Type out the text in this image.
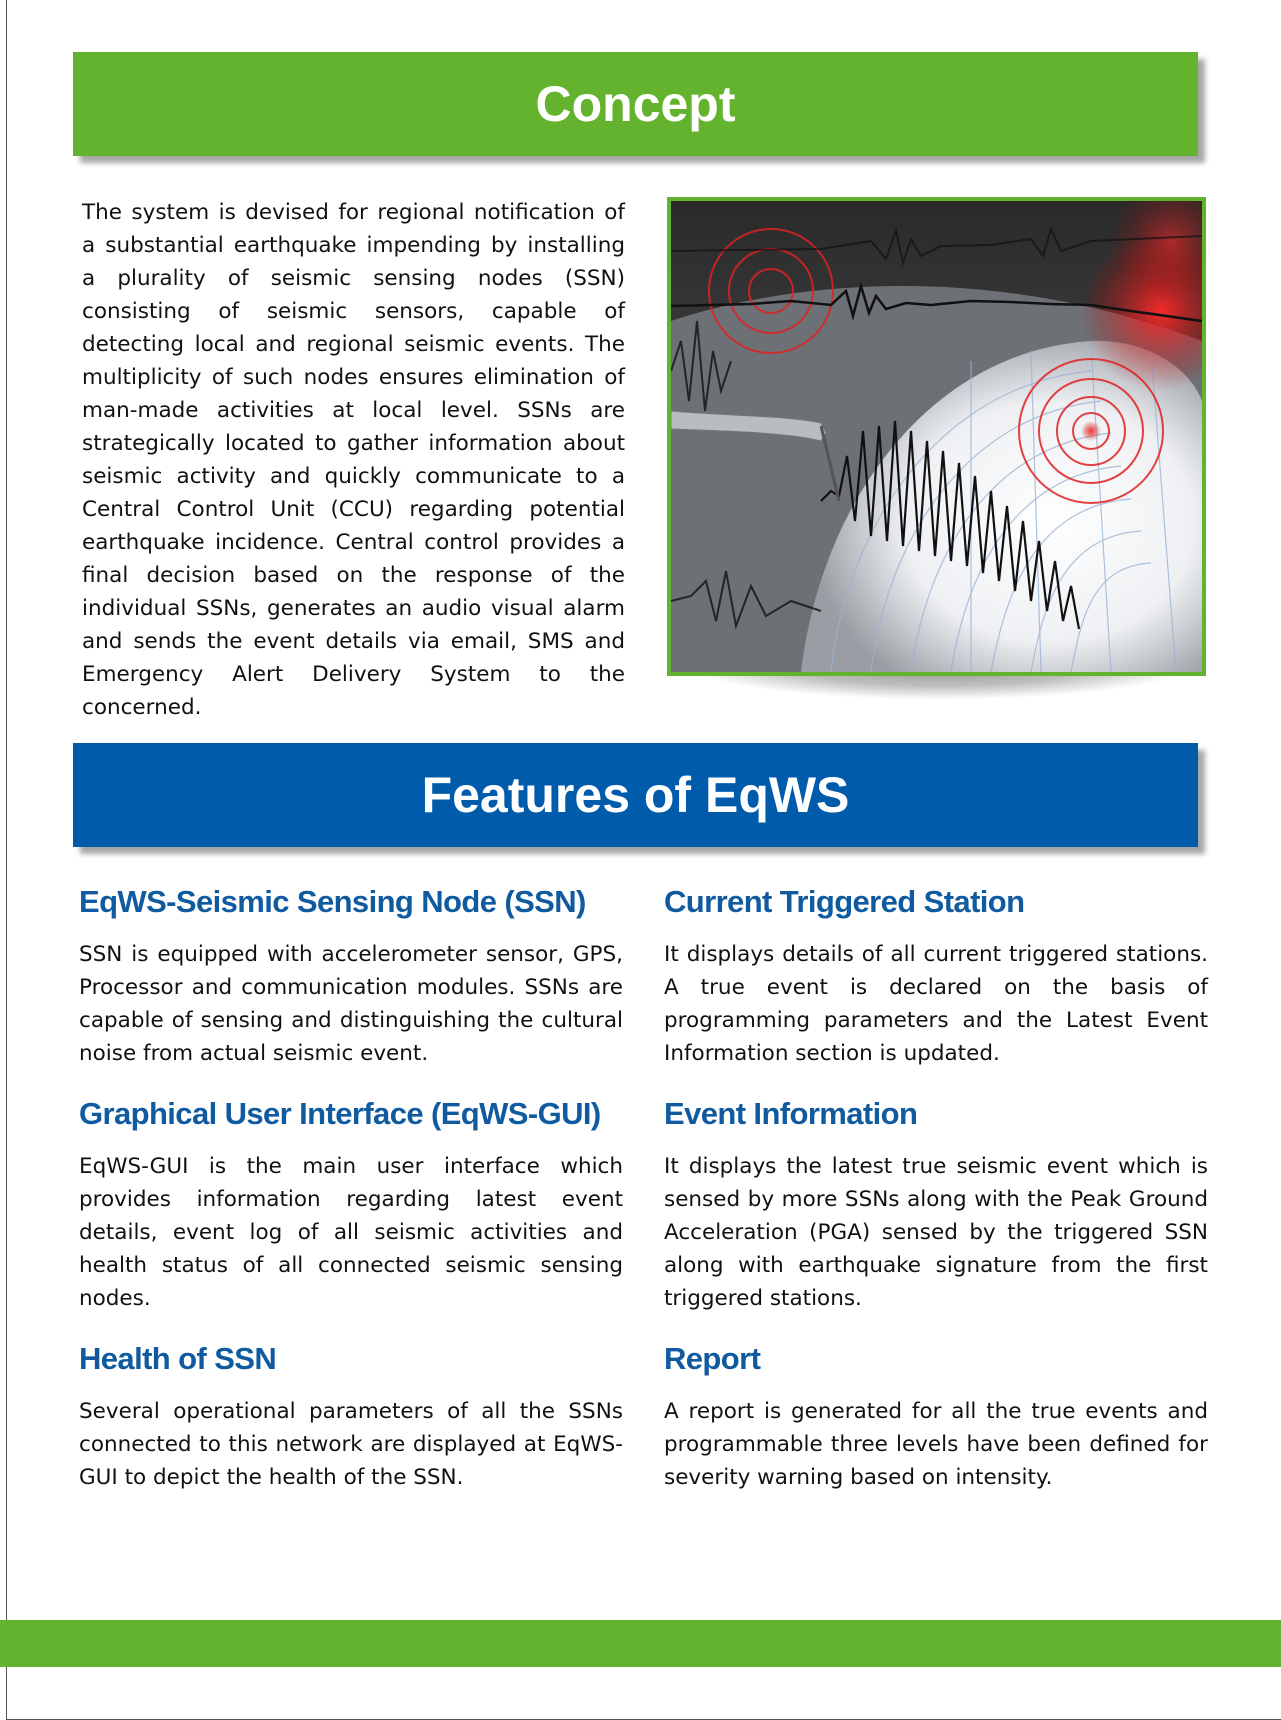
Concept

The system is devised for regional notification of a substantial earthquake impending by installing a plurality of seismic sensing nodes (SSN) consisting of seismic sensors, capable of detecting local and regional seismic events. The multiplicity of such nodes ensures elimination of man-made activities at local level. SSNs are strategically located to gather information about seismic activity and quickly communicate to a Central Control Unit (CCU) regarding potential earthquake incidence. Central control provides a final decision based on the response of the individual SSNs, generates an audio visual alarm and sends the event details via email, SMS and Emergency Alert Delivery System to the concerned.

Features of EqWS
EqWS-Seismic Sensing Node (SSN)

SSN is equipped with accelerometer sensor, GPS, Processor and communication modules. SSNs are capable of sensing and distinguishing the cultural noise from actual seismic event.

Graphical User Interface (EqWS-GUI)

EqWS-GUI is the main user interface which provides information regarding latest event details, event log of all seismic activities and health status of all connected seismic sensing nodes.

Health of SSN

Several operational parameters of all the SSNs connected to this network are displayed at EqWS-GUI to depict the health of the SSN.

Current Triggered Station

It displays details of all current triggered stations. A true event is declared on the basis of programming parameters and the Latest Event Information section is updated.

Event Information

It displays the latest true seismic event which is sensed by more SSNs along with the Peak Ground Acceleration (PGA) sensed by the triggered SSN along with earthquake signature from the first triggered stations.

Report

A report is generated for all the true events and programmable three levels have been defined for severity warning based on intensity.
